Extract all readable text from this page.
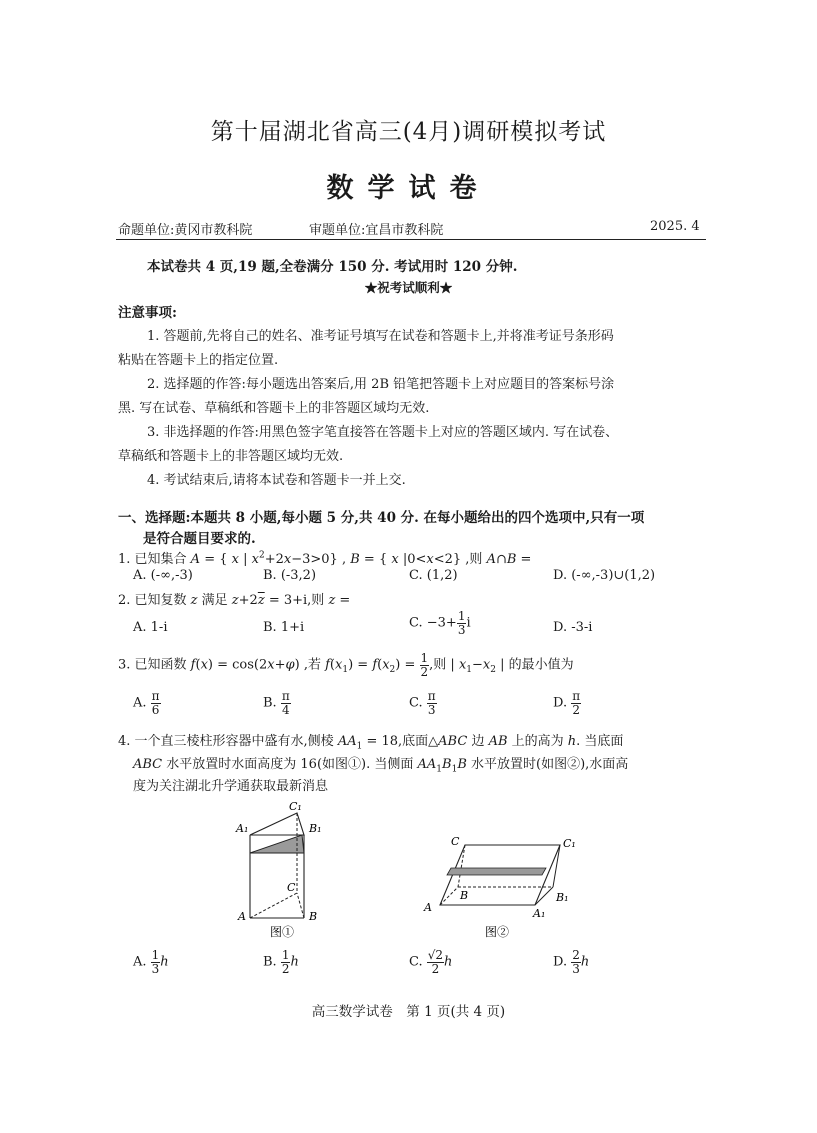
第十届湖北省高三(4月)调研模拟考试
数学试卷
命题单位:黄冈市教科院	审题单位:宜昌市教科院	2025. 4
本试卷共 4 页,19 题,全卷满分 150 分. 考试用时 120 分钟.
★祝考试顺利★
注意事项:
1. 答题前,先将自己的姓名、准考证号填写在试卷和答题卡上,并将准考证号条形码
粘贴在答题卡上的指定位置.
2. 选择题的作答:每小题选出答案后,用 2B 铅笔把答题卡上对应题目的答案标号涂
黑. 写在试卷、草稿纸和答题卡上的非答题区域均无效.
3. 非选择题的作答:用黑色签字笔直接答在答题卡上对应的答题区域内. 写在试卷、
草稿纸和答题卡上的非答题区域均无效.
4. 考试结束后,请将本试卷和答题卡一并上交.
一、选择题:本题共 8 小题,每小题 5 分,共 40 分. 在每小题给出的四个选项中,只有一项
是符合题目要求的.
1. 已知集合 A = { x | $x^2+2x-3>0$} , B = { x |0<x<2} ,则 A∩B =
A. (-∞,-3)	B. (-3,2)	C. (1,2)	D. (-∞,-3)∪(1,2)
2. 已知复数 z 满足 $z+2\overline{z} = 3+i$,则 z =
A. 1-i	B. 1+i	C. $-3+ \frac{1}{3}$ i	D. -3-i
3. 已知函数 f(x) = cos(2x+φ) ,若 $f(x_1) = f(x_2) = \frac{1}{2}$ ,则 | $x_1-x_2$ | 的最小值为
A. $\frac{\pi}{6}$	B. $\frac{\pi}{4}$	C. $\frac{\pi}{3}$	D. $\frac{\pi}{2}$
4. 一个直三棱柱形容器中盛有水,侧棱 $AA_1 = 18$,底面△ABC 边 AB 上的高为 h. 当底面
ABC 水平放置时水面高度为 16(如图①). 当侧面 $AA_1B_1B$ 水平放置时(如图②),水面高
度为关注湖北升学通获取最新消息
C₁
A₁	B₁
C
A	B
图①
C	C₁
B	B₁
A	A₁
图②
A. $\frac{1}{3}$ h	B. $\frac{1}{2}$ h	C. $\frac{√2}{2}$ h	D. $\frac{2}{3}$ h
高三数学试卷　第 1 页(共 4 页)
